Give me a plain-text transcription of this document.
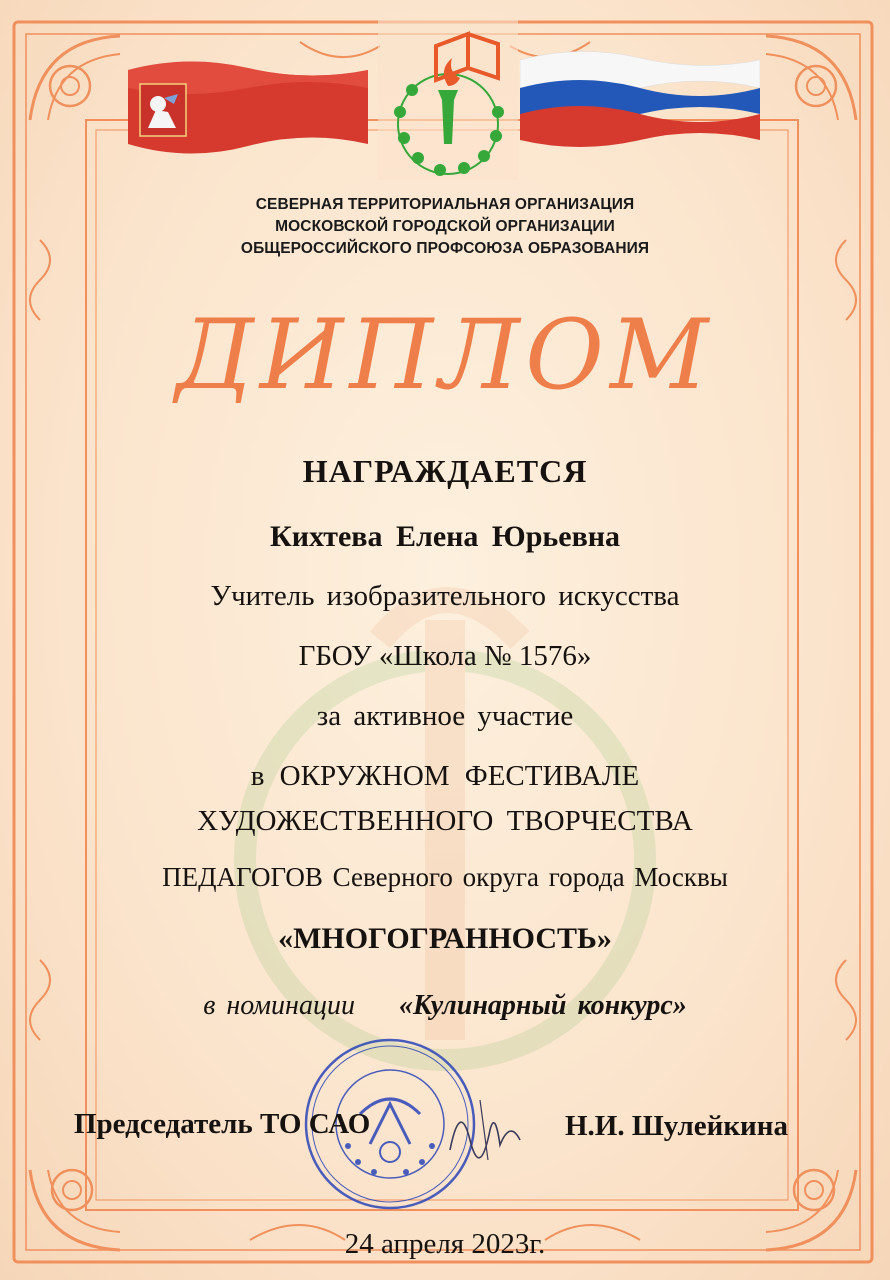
СЕВЕРНАЯ ТЕРРИТОРИАЛЬНАЯ ОРГАНИЗАЦИЯ
МОСКОВСКОЙ ГОРОДСКОЙ ОРГАНИЗАЦИИ
ОБЩЕРОССИЙСКОГО ПРОФСОЮЗА ОБРАЗОВАНИЯ
ДИПЛОМ
НАГРАЖДАЕТСЯ
Кихтева Елена Юрьевна
Учитель изобразительного искусства
ГБОУ «Школа № 1576»
за активное участие
в ОКРУЖНОМ ФЕСТИВАЛЕ
ХУДОЖЕСТВЕННОГО ТВОРЧЕСТВА
ПЕДАГОГОВ Северного округа города Москвы
«МНОГОГРАННОСТЬ»
в номинации «Кулинарный конкурс»
Председатель ТО САО	Н.И. Шулейкина
24 апреля 2023г.
